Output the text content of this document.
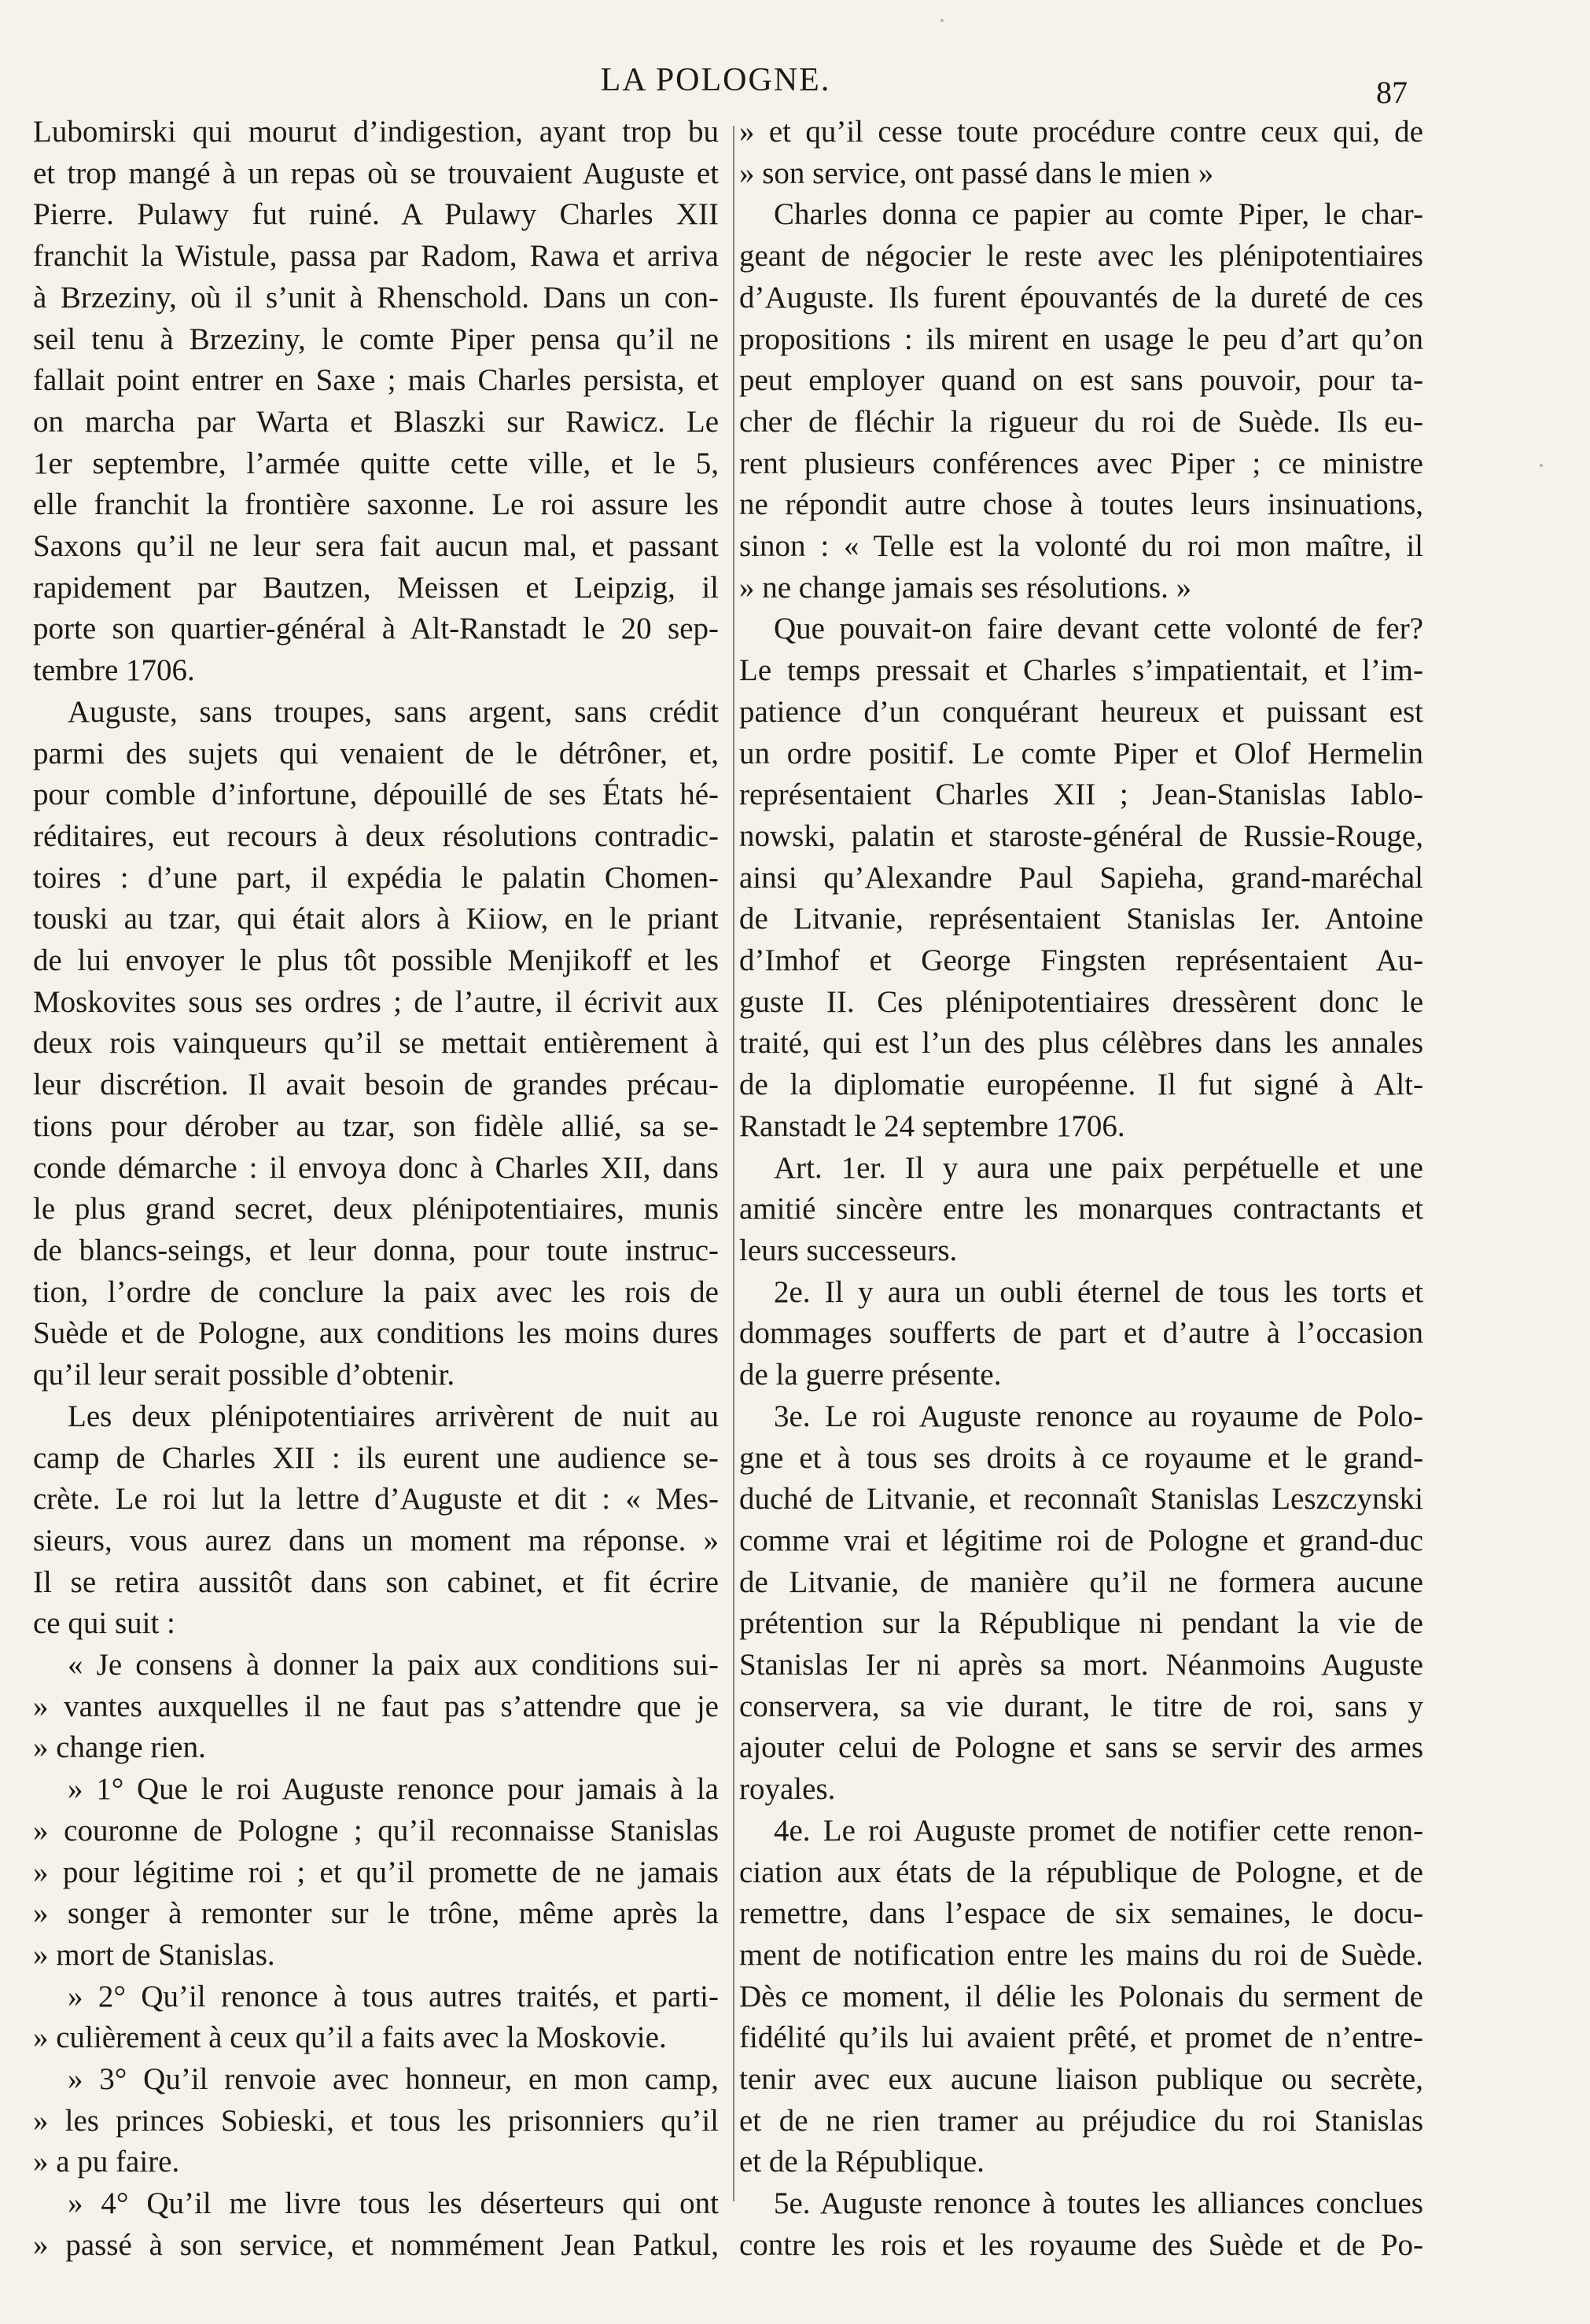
LA POLOGNE.	87

Lubomirski qui mourut d’indigestion, ayant trop bu

et trop mangé à un repas où se trouvaient Auguste et

Pierre. Pulawy fut ruiné. A Pulawy Charles XII

franchit la Wistule, passa par Radom, Rawa et arriva

à Brzeziny, où il s’unit à Rhenschold. Dans un con-

seil tenu à Brzeziny, le comte Piper pensa qu’il ne

fallait point entrer en Saxe ; mais Charles persista, et

on marcha par Warta et Blaszki sur Rawicz. Le

1er septembre, l’armée quitte cette ville, et le 5,

elle franchit la frontière saxonne. Le roi assure les

Saxons qu’il ne leur sera fait aucun mal, et passant

rapidement par Bautzen, Meissen et Leipzig, il

porte son quartier-général à Alt-Ranstadt le 20 sep-

tembre 1706.

Auguste, sans troupes, sans argent, sans crédit

parmi des sujets qui venaient de le détrôner, et,

pour comble d’infortune, dépouillé de ses États hé-

réditaires, eut recours à deux résolutions contradic-

toires : d’une part, il expédia le palatin Chomen-

touski au tzar, qui était alors à Kiiow, en le priant

de lui envoyer le plus tôt possible Menjikoff et les

Moskovites sous ses ordres ; de l’autre, il écrivit aux

deux rois vainqueurs qu’il se mettait entièrement à

leur discrétion. Il avait besoin de grandes précau-

tions pour dérober au tzar, son fidèle allié, sa se-

conde démarche : il envoya donc à Charles XII, dans

le plus grand secret, deux plénipotentiaires, munis

de blancs-seings, et leur donna, pour toute instruc-

tion, l’ordre de conclure la paix avec les rois de

Suède et de Pologne, aux conditions les moins dures

qu’il leur serait possible d’obtenir.

Les deux plénipotentiaires arrivèrent de nuit au

camp de Charles XII : ils eurent une audience se-

crète. Le roi lut la lettre d’Auguste et dit : « Mes-

sieurs, vous aurez dans un moment ma réponse. »

Il se retira aussitôt dans son cabinet, et fit écrire

ce qui suit :

« Je consens à donner la paix aux conditions sui-

» vantes auxquelles il ne faut pas s’attendre que je

» change rien.

» 1° Que le roi Auguste renonce pour jamais à la

» couronne de Pologne ; qu’il reconnaisse Stanislas

» pour légitime roi ; et qu’il promette de ne jamais

» songer à remonter sur le trône, même après la

» mort de Stanislas.

» 2° Qu’il renonce à tous autres traités, et parti-

» culièrement à ceux qu’il a faits avec la Moskovie.

» 3° Qu’il renvoie avec honneur, en mon camp,

» les princes Sobieski, et tous les prisonniers qu’il

» a pu faire.

» 4° Qu’il me livre tous les déserteurs qui ont

» passé à son service, et nommément Jean Patkul,

» et qu’il cesse toute procédure contre ceux qui, de

» son service, ont passé dans le mien »

Charles donna ce papier au comte Piper, le char-

geant de négocier le reste avec les plénipotentiaires

d’Auguste. Ils furent épouvantés de la dureté de ces

propositions : ils mirent en usage le peu d’art qu’on

peut employer quand on est sans pouvoir, pour ta-

cher de fléchir la rigueur du roi de Suède. Ils eu-

rent plusieurs conférences avec Piper ; ce ministre

ne répondit autre chose à toutes leurs insinuations,

sinon : « Telle est la volonté du roi mon maître, il

» ne change jamais ses résolutions. »

Que pouvait-on faire devant cette volonté de fer?

Le temps pressait et Charles s’impatientait, et l’im-

patience d’un conquérant heureux et puissant est

un ordre positif. Le comte Piper et Olof Hermelin

représentaient Charles XII ; Jean-Stanislas Iablo-

nowski, palatin et staroste-général de Russie-Rouge,

ainsi qu’Alexandre Paul Sapieha, grand-maréchal

de Litvanie, représentaient Stanislas Ier. Antoine

d’Imhof et George Fingsten représentaient Au-

guste II. Ces plénipotentiaires dressèrent donc le

traité, qui est l’un des plus célèbres dans les annales

de la diplomatie européenne. Il fut signé à Alt-

Ranstadt le 24 septembre 1706.

Art. 1er. Il y aura une paix perpétuelle et une

amitié sincère entre les monarques contractants et

leurs successeurs.

2e. Il y aura un oubli éternel de tous les torts et

dommages soufferts de part et d’autre à l’occasion

de la guerre présente.

3e. Le roi Auguste renonce au royaume de Polo-

gne et à tous ses droits à ce royaume et le grand-

duché de Litvanie, et reconnaît Stanislas Leszczynski

comme vrai et légitime roi de Pologne et grand-duc

de Litvanie, de manière qu’il ne formera aucune

prétention sur la République ni pendant la vie de

Stanislas Ier ni après sa mort. Néanmoins Auguste

conservera, sa vie durant, le titre de roi, sans y

ajouter celui de Pologne et sans se servir des armes

royales.

4e. Le roi Auguste promet de notifier cette renon-

ciation aux états de la république de Pologne, et de

remettre, dans l’espace de six semaines, le docu-

ment de notification entre les mains du roi de Suède.

Dès ce moment, il délie les Polonais du serment de

fidélité qu’ils lui avaient prêté, et promet de n’entre-

tenir avec eux aucune liaison publique ou secrète,

et de ne rien tramer au préjudice du roi Stanislas

et de la République.

5e. Auguste renonce à toutes les alliances conclues

contre les rois et les royaume des Suède et de Po-
